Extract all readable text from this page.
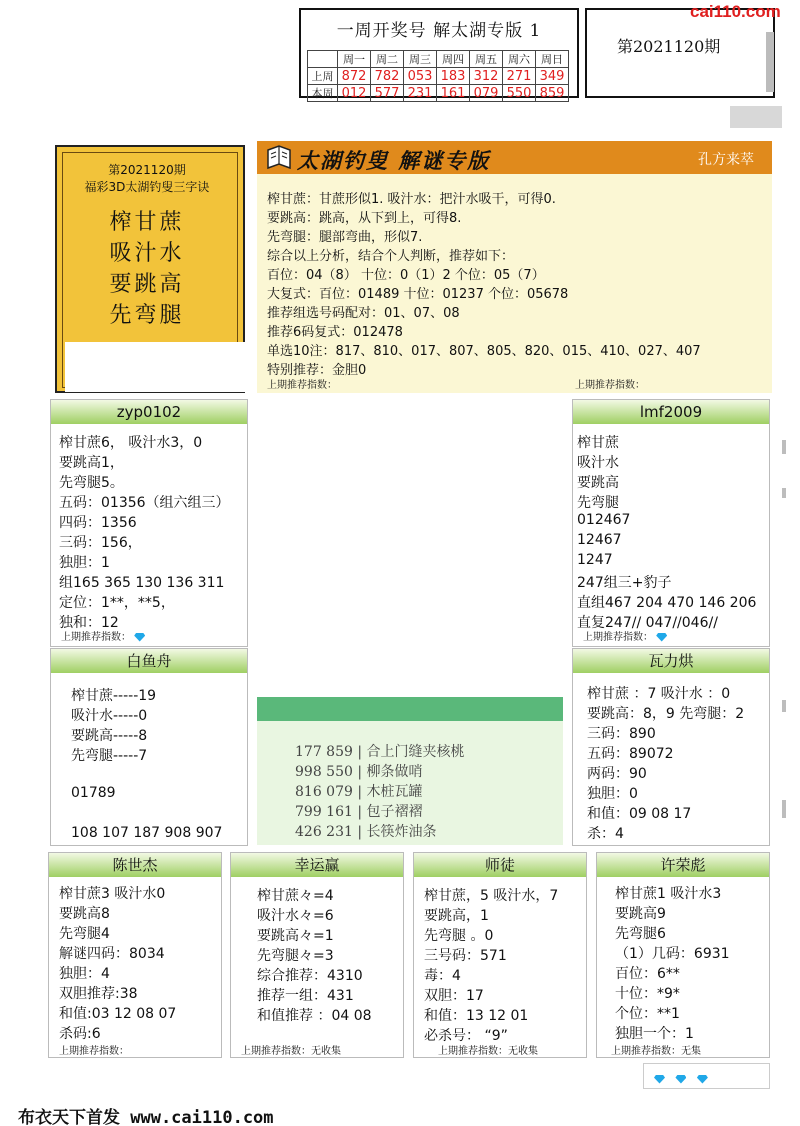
一周开奖号 解太湖专版 1
	周一	周二	周三	周四	周五	周六	周日
上周	872	782	053	183	312	271	349
本周	012	577	231	161	079	550	859
第2021120期
cai110.com
第2021120期
福彩3D太湖钓叟三字诀
榨甘蔗
吸汁水
要跳高
先弯腿
太湖钓叟 解谜专版	孔方来萃
榨甘蔗：甘蔗形似1. 吸汁水：把汁水吸干，可得0.
要跳高：跳高，从下到上，可得8.
先弯腿：腿部弯曲，形似7.
综合以上分析，结合个人判断，推荐如下：
百位：04（8） 十位：0（1）2 个位：05（7）
大复式：百位：01489 十位：01237 个位：05678
推荐组选号码配对：01、07、08
推荐6码复式：012478
单选10注：817、810、017、807、805、820、015、410、027、407
特别推荐：金胆0
上期推荐指数：	上期推荐指数：
zyp0102
榨甘蔗6， 吸汁水3，0
要跳高1，
先弯腿5。
五码：01356（组六组三）
四码：1356
三码：156，
独胆：1
组165 365 130 136 311
定位：1**，**5，
独和：12
上期推荐指数：
lmf2009
榨甘蔗
吸汁水
要跳高
先弯腿
012467
12467
1247
247组三+豹子
直组467 204 470 146 206
直复247// 047//046//
上期推荐指数：
白鱼舟
榨甘蔗-----19
吸汁水-----0
要跳高-----8
先弯腿-----7
01789
108 107 187 908 907
瓦力烘
榨甘蔗 ：7 吸汁水 ：0
要跳高：8，9 先弯腿：2
三码：890
五码：89072
两码：90
独胆：0
和值：09 08 17
杀：4
177 859 | 合上门缝夹核桃
998 550 | 柳条做哨
816 079 | 木桩瓦罐
799 161 | 包子褶褶
426 231 | 长筷炸油条
陈世杰
榨甘蔗3 吸汁水0
要跳高8
先弯腿4
解谜四码：8034
独胆：4
双胆推荐:38
和值:03 12 08 07
杀码:6
上期推荐指数：
幸运赢
榨甘蔗々=4
吸汁水々=6
要跳高々=1
先弯腿々=3
综合推荐：4310
推荐一组：431
和值推荐 ：04 08
上期推荐指数：无收集
师徒
榨甘蔗，5 吸汁水，7
要跳高，1
先弯腿 。0
三号码：571
毒：4
双胆：17
和值：13 12 01
必杀号： “9”
上期推荐指数：无收集
许荣彪
榨甘蔗1 吸汁水3
要跳高9
先弯腿6
（1）几码：6931
百位：6**
十位：*9*
个位：**1
独胆一个：1
上期推荐指数：无集

布衣天下首发 www.cai110.com
